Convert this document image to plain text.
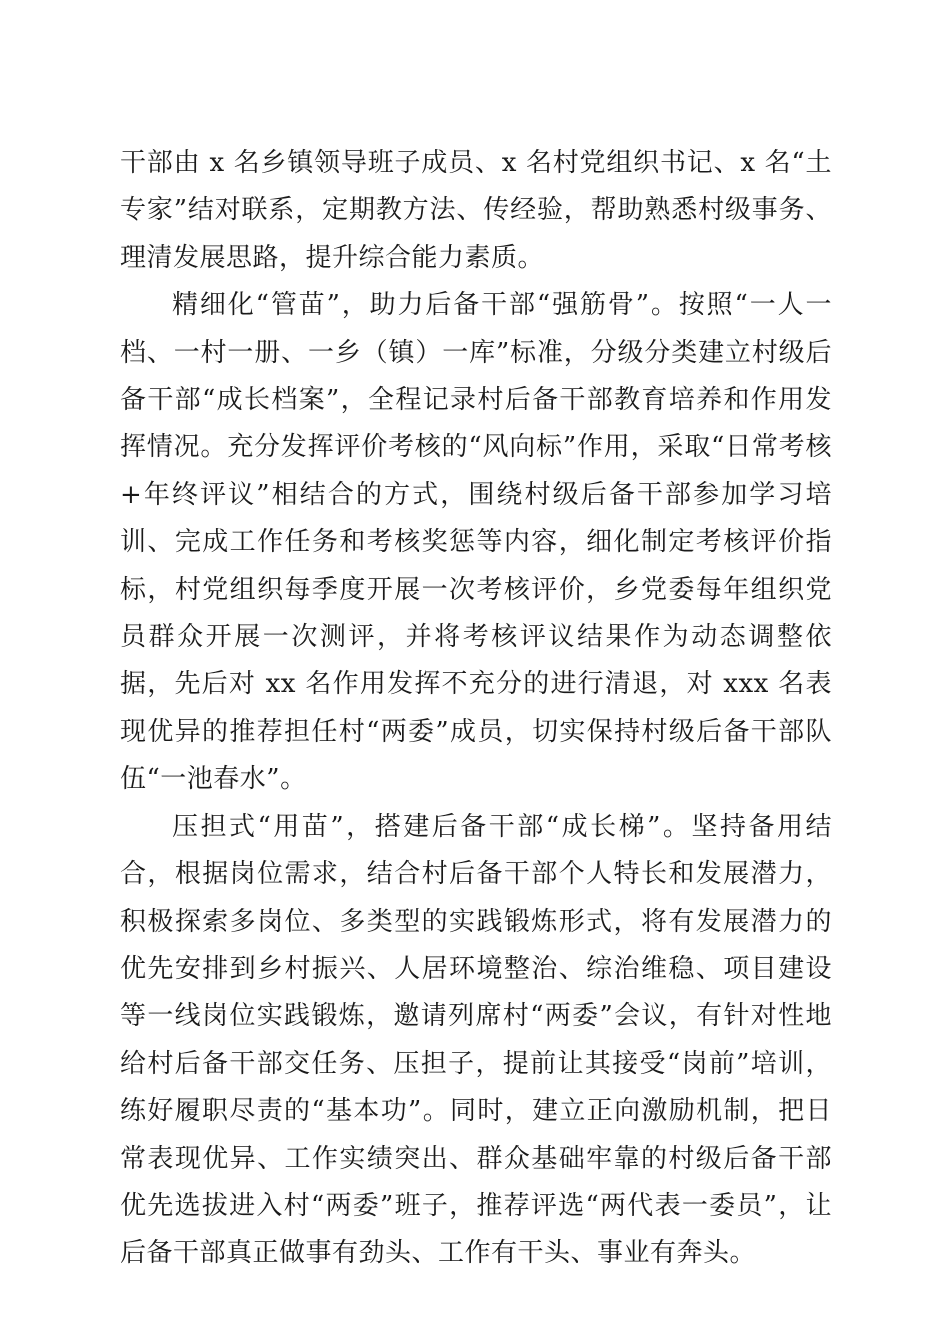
干部由 x 名乡镇领导班子成员、x 名村党组织书记、x 名“土专家”结对联系，定期教方法、传经验，帮助熟悉村级事务、理清发展思路，提升综合能力素质。

精细化“管苗”，助力后备干部“强筋骨”。按照“一人一档、一村一册、一乡（镇）一库”标准，分级分类建立村级后备干部“成长档案”，全程记录村后备干部教育培养和作用发挥情况。充分发挥评价考核的“风向标”作用，采取“日常考核+年终评议”相结合的方式，围绕村级后备干部参加学习培训、完成工作任务和考核奖惩等内容，细化制定考核评价指标，村党组织每季度开展一次考核评价，乡党委每年组织党员群众开展一次测评，并将考核评议结果作为动态调整依据，先后对 xx 名作用发挥不充分的进行清退，对 xxx 名表现优异的推荐担任村“两委”成员，切实保持村级后备干部队伍“一池春水”。

压担式“用苗”，搭建后备干部“成长梯”。坚持备用结合，根据岗位需求，结合村后备干部个人特长和发展潜力，积极探索多岗位、多类型的实践锻炼形式，将有发展潜力的优先安排到乡村振兴、人居环境整治、综治维稳、项目建设等一线岗位实践锻炼，邀请列席村“两委”会议，有针对性地给村后备干部交任务、压担子，提前让其接受“岗前”培训，练好履职尽责的“基本功”。同时，建立正向激励机制，把日常表现优异、工作实绩突出、群众基础牢靠的村级后备干部优先选拔进入村“两委”班子，推荐评选“两代表一委员”，让后备干部真正做事有劲头、工作有干头、事业有奔头。
